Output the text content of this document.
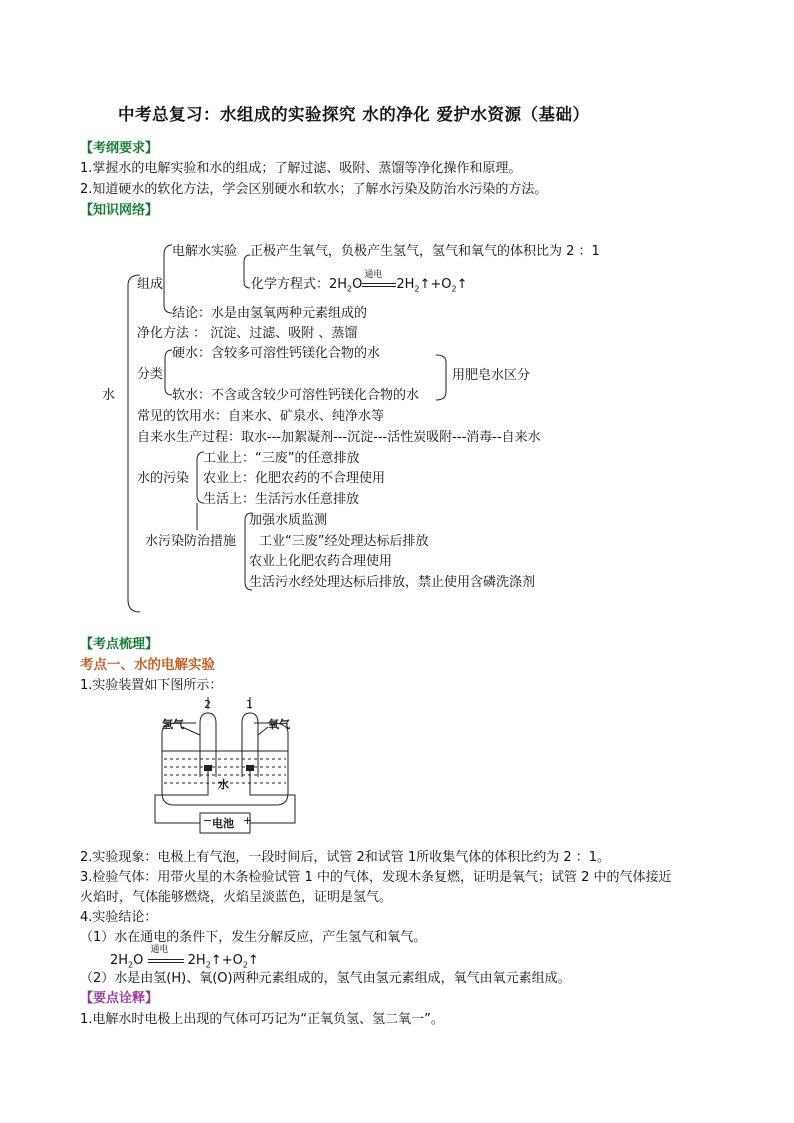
中考总复习：水组成的实验探究 水的净化 爱护水资源（基础）
【考纲要求】
1.掌握水的电解实验和水的组成；了解过滤、吸附、蒸馏等净化操作和原理。
2.知道硬水的软化方法，学会区别硬水和软水；了解水污染及防治水污染的方法。
【知识网络】
水
组成
电解水实验 正极产生氧气，负极产生氢气，氢气和氧气的体积比为 2 ：1
化学方程式：$2H_2O$
通电
$2H_2↑+O_2↑$
结论：水是由氢氧两种元素组成的
净化方法 ： 沉淀、过滤、吸附 、蒸馏
分类
硬水：含较多可溶性钙镁化合物的水
软水：不含或含较少可溶性钙镁化合物的水
用肥皂水区分
常见的饮用水：自来水、矿泉水、纯净水等
自来水生产过程：取水---加絮凝剂---沉淀---活性炭吸附---消毒--自来水
水的污染
工业上：“三废”的任意排放
农业上：化肥农药的不合理使用
生活上：生活污水任意排放
水污染防治措施
加强水质监测
工业“三废”经处理达标后排放
农业上化肥农药合理使用
生活污水经处理达标后排放，禁止使用含磷洗涤剂
【考点梳理】
考点一、水的电解实验
1.实验装置如下图所示：
2	1
氢气	氧气
水
电池
−	+
2.实验现象：电极上有气泡，一段时间后，试管 2和试管 1所收集气体的体积比约为 2 ：1。
3.检验气体：用带火星的木条检验试管 1 中的气体，发现木条复燃，证明是氧气；试管 2 中的气体接近
火焰时，气体能够燃烧，火焰呈淡蓝色，证明是氢气。
4.实验结论：
（1）水在通电的条件下，发生分解反应，产生氢气和氧气。
$2H_2O$
通电
$2H_2↑+O_2↑$
（2）水是由氢(H)、氧(O)两种元素组成的，氢气由氢元素组成，氧气由氧元素组成。
【要点诠释】
1.电解水时电极上出现的气体可巧记为“正氧负氢、氢二氧一”。
